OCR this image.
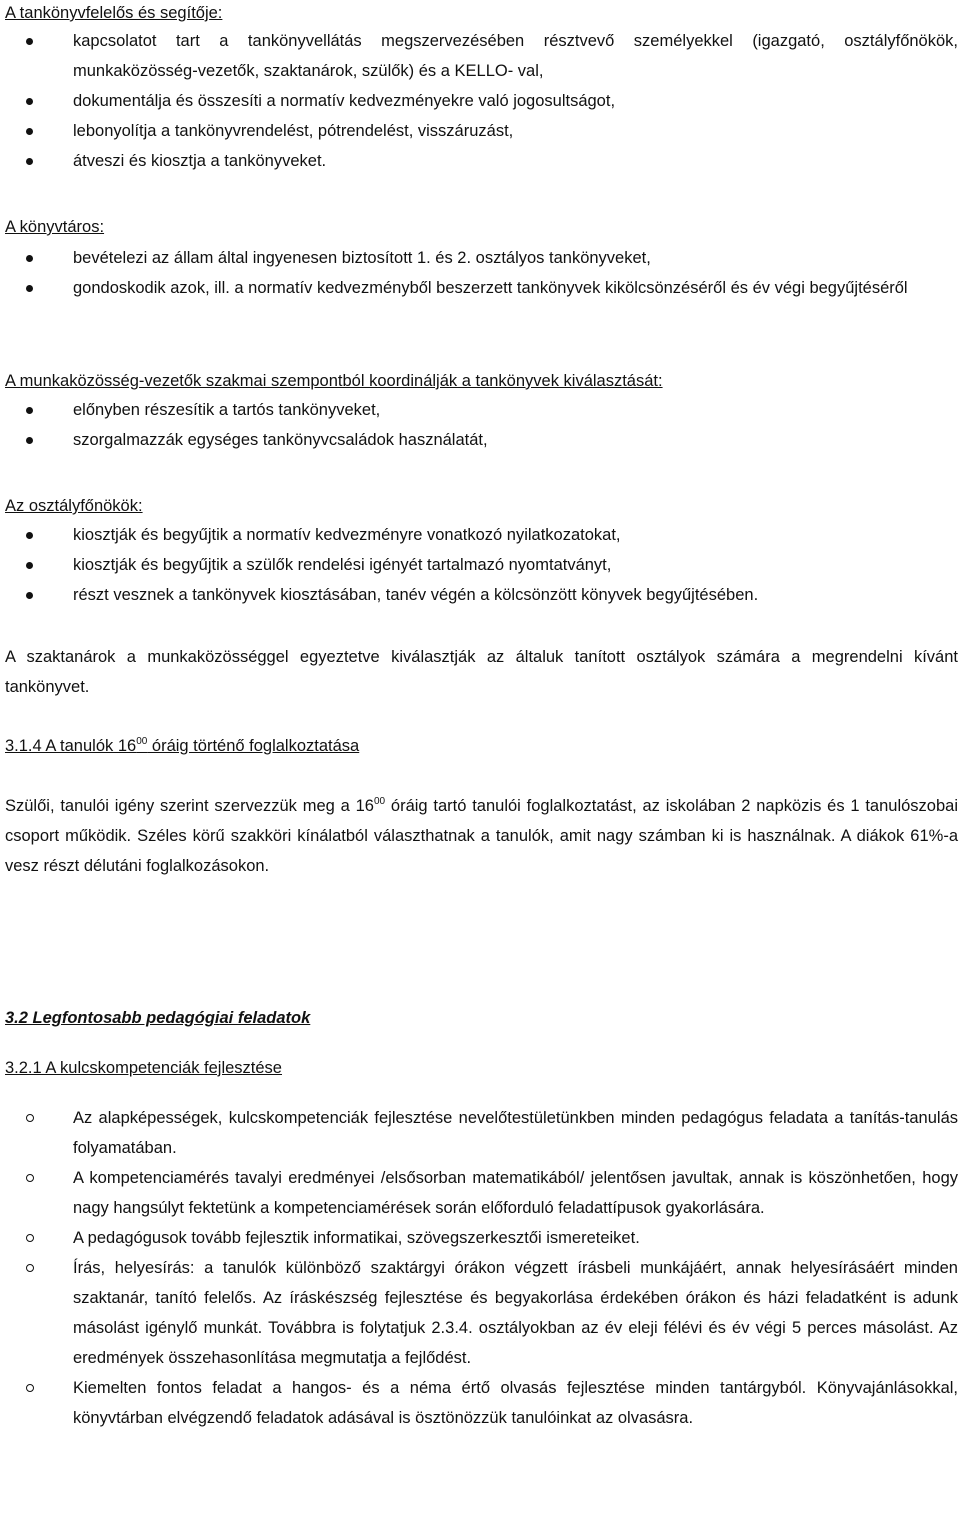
A tankönyvfelelős és segítője:
kapcsolatot tart a tankönyvellátás megszervezésében résztvevő személyekkel (igazgató, osztályfőnökök, munkaközösség-vezetők, szaktanárok, szülők) és a KELLO- val,
dokumentálja és összesíti a normatív kedvezményekre való jogosultságot,
lebonyolítja a tankönyvrendelést, pótrendelést, visszáruzást,
átveszi és kiosztja a tankönyveket.
A könyvtáros:
bevételezi az állam által ingyenesen biztosított 1. és 2. osztályos tankönyveket,
gondoskodik azok, ill. a normatív kedvezményből beszerzett tankönyvek kikölcsönzéséről és év végi begyűjtéséről
A munkaközösség-vezetők szakmai szempontból koordinálják a tankönyvek kiválasztását:
előnyben részesítik a tartós tankönyveket,
szorgalmazzák egységes tankönyvcsaládok használatát,
Az osztályfőnökök:
kiosztják és begyűjtik a normatív kedvezményre vonatkozó nyilatkozatokat,
kiosztják és begyűjtik a szülők rendelési igényét tartalmazó nyomtatványt,
részt vesznek a tankönyvek kiosztásában, tanév végén a kölcsönzött könyvek begyűjtésében.
A szaktanárok a munkaközösséggel egyeztetve kiválasztják az általuk tanított osztályok számára a megrendelni kívánt tankönyvet.
3.1.4 A tanulók $16^{00}$ óráig történő foglalkoztatása
Szülői, tanulói igény szerint szervezzük meg a $16^{00}$ óráig tartó tanulói foglalkoztatást, az iskolában 2 napközis és 1 tanulószobai csoport működik. Széles körű szakköri kínálatból választhatnak a tanulók, amit nagy számban ki is használnak. A diákok 61%-a vesz részt délutáni foglalkozásokon.
3.2 Legfontosabb pedagógiai feladatok
3.2.1 A kulcskompetenciák fejlesztése
Az alapképességek, kulcskompetenciák fejlesztése nevelőtestületünkben minden pedagógus feladata a tanítás-tanulás folyamatában.
A kompetenciamérés tavalyi eredményei /elsősorban matematikából/ jelentősen javultak, annak is köszönhetően, hogy nagy hangsúlyt fektetünk a kompetenciamérések során előforduló feladattípusok gyakorlására.
A pedagógusok tovább fejlesztik informatikai, szövegszerkesztői ismereteiket.
Írás, helyesírás: a tanulók különböző szaktárgyi órákon végzett írásbeli munkájáért, annak helyesírásáért minden szaktanár, tanító felelős. Az íráskészség fejlesztése és begyakorlása érdekében órákon és házi feladatként is adunk másolást igénylő munkát. Továbbra is folytatjuk 2.3.4. osztályokban az év eleji félévi és év végi 5 perces másolást. Az eredmények összehasonlítása megmutatja a fejlődést.
Kiemelten fontos feladat a hangos- és a néma értő olvasás fejlesztése minden tantárgyból. Könyvajánlásokkal, könyvtárban elvégzendő feladatok adásával is ösztönözzük tanulóinkat az olvasásra.
